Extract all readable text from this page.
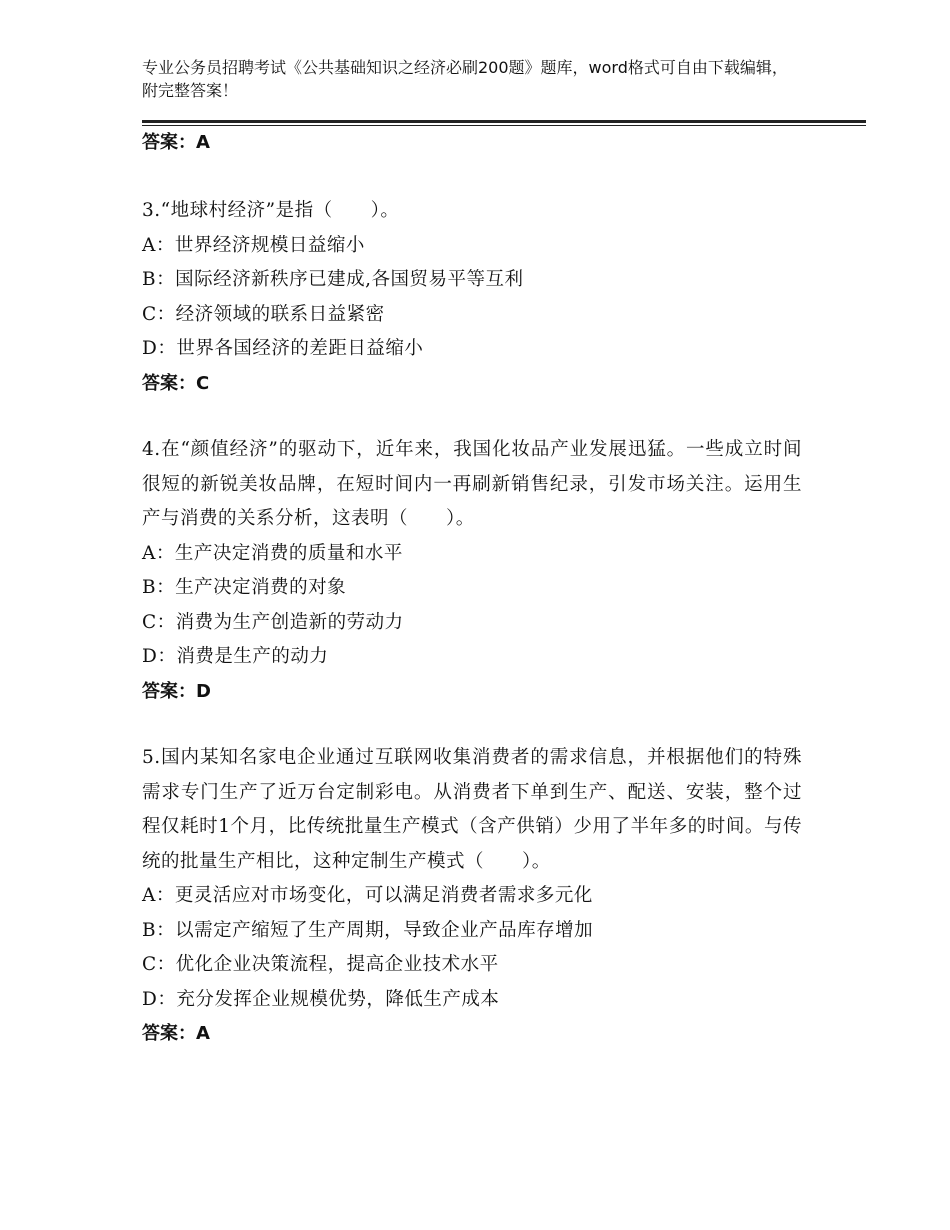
专业公务员招聘考试《公共基础知识之经济必刷200题》题库，word格式可自由下载编辑，附完整答案！
答案：A
3.“地球村经济”是指（　　）。
A：世界经济规模日益缩小
B：国际经济新秩序已建成,各国贸易平等互利
C：经济领域的联系日益紧密
D：世界各国经济的差距日益缩小
答案：C
4.在“颜值经济”的驱动下，近年来，我国化妆品产业发展迅猛。一些成立时间很短的新锐美妆品牌，在短时间内一再刷新销售纪录，引发市场关注。运用生产与消费的关系分析，这表明（　　）。
A：生产决定消费的质量和水平
B：生产决定消费的对象
C：消费为生产创造新的劳动力
D：消费是生产的动力
答案：D
5.国内某知名家电企业通过互联网收集消费者的需求信息，并根据他们的特殊需求专门生产了近万台定制彩电。从消费者下单到生产、配送、安装，整个过程仅耗时1个月，比传统批量生产模式（含产供销）少用了半年多的时间。与传统的批量生产相比，这种定制生产模式（　　）。
A：更灵活应对市场变化，可以满足消费者需求多元化
B：以需定产缩短了生产周期，导致企业产品库存增加
C：优化企业决策流程，提高企业技术水平
D：充分发挥企业规模优势，降低生产成本
答案：A
